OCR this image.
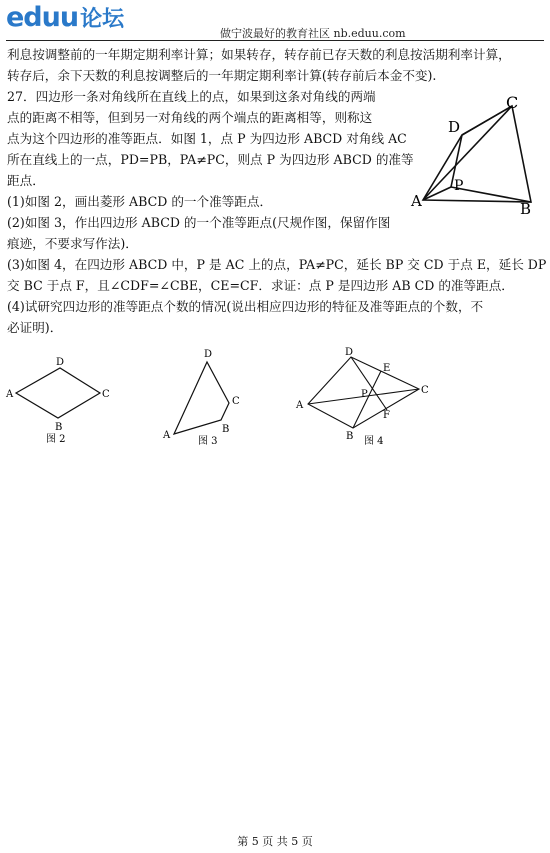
eduu 论坛
做宁波最好的教育社区 nb.eduu.com
利息按调整前的一年期定期利率计算；如果转存，转存前已存天数的利息按活期利率计算，
转存后，余下天数的利息按调整后的一年期定期利率计算(转存前后本金不变).
27．四边形一条对角线所在直线上的点，如果到这条对角线的两端
点的距离不相等，但到另一对角线的两个端点的距离相等，则称这
点为这个四边形的准等距点．如图 1，点 P 为四边形 ABCD 对角线 AC
所在直线上的一点，PD=PB，PA≠PC，则点 P 为四边形 ABCD 的准等
距点．
(1)如图 2，画出菱形 ABCD 的一个准等距点．
(2)如图 3，作出四边形 ABCD 的一个准等距点(尺规作图，保留作图
痕迹，不要求写作法)．
(3)如图 4，在四边形 ABCD 中，P 是 AC 上的点，PA≠PC，延长 BP 交 CD 于点 E，延长 DP
交 BC 于点 F，且∠CDF=∠CBE，CE=CF．求证：点 P 是四边形 AB CD 的准等距点．
(4)试研究四边形的准等距点个数的情况(说出相应四边形的特征及准等距点的个数，不
必证明)．
A	B
C
D
P
A
B
C
D
图 2	A
B
C
D
图 3
A
B
C
D
E
F
P
图 4
第 5 页 共 5 页
